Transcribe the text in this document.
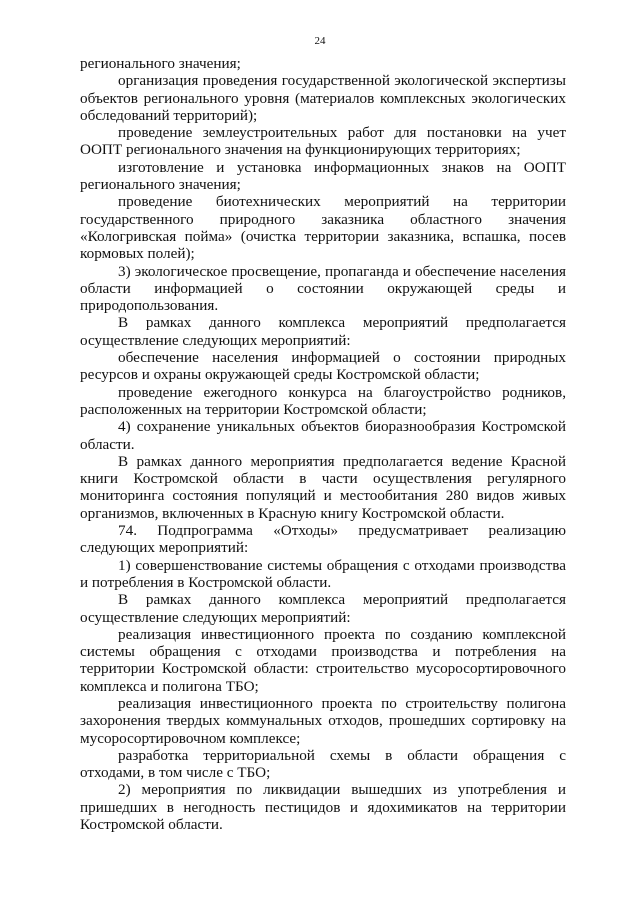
24

регионального значения;

организация проведения государственной экологической экспертизы объектов регионального уровня (материалов комплексных экологических обследований территорий);

проведение землеустроительных работ для постановки на учет ООПТ регионального значения на функционирующих территориях;

изготовление и установка информационных знаков на ООПТ регионального значения;

проведение биотехнических мероприятий на территории государственного природного заказника областного значения «Кологривская пойма» (очистка территории заказника, вспашка, посев кормовых полей);

3) экологическое просвещение, пропаганда и обеспечение населения области информацией о состоянии окружающей среды и природопользования.

В рамках данного комплекса мероприятий предполагается осуществление следующих мероприятий:

обеспечение населения информацией о состоянии природных ресурсов и охраны окружающей среды Костромской области;

проведение ежегодного конкурса на благоустройство родников, расположенных на территории Костромской области;

4) сохранение уникальных объектов биоразнообразия Костромской области.

В рамках данного мероприятия предполагается ведение Красной книги Костромской области в части осуществления регулярного мониторинга состояния популяций и местообитания 280 видов живых организмов, включенных в Красную книгу Костромской области.

74. Подпрограмма «Отходы» предусматривает реализацию следующих мероприятий:

1) совершенствование системы обращения с отходами производства и потребления в Костромской области.

В рамках данного комплекса мероприятий предполагается осуществление следующих мероприятий:

реализация инвестиционного проекта по созданию комплексной системы обращения с отходами производства и потребления на территории Костромской области: строительство мусоросортировочного комплекса и полигона ТБО;

реализация инвестиционного проекта по строительству полигона захоронения твердых коммунальных отходов, прошедших сортировку на мусоросортировочном комплексе;

разработка территориальной схемы в области обращения с отходами, в том числе с ТБО;

2) мероприятия по ликвидации вышедших из употребления и пришедших в негодность пестицидов и ядохимикатов на территории Костромской области.
